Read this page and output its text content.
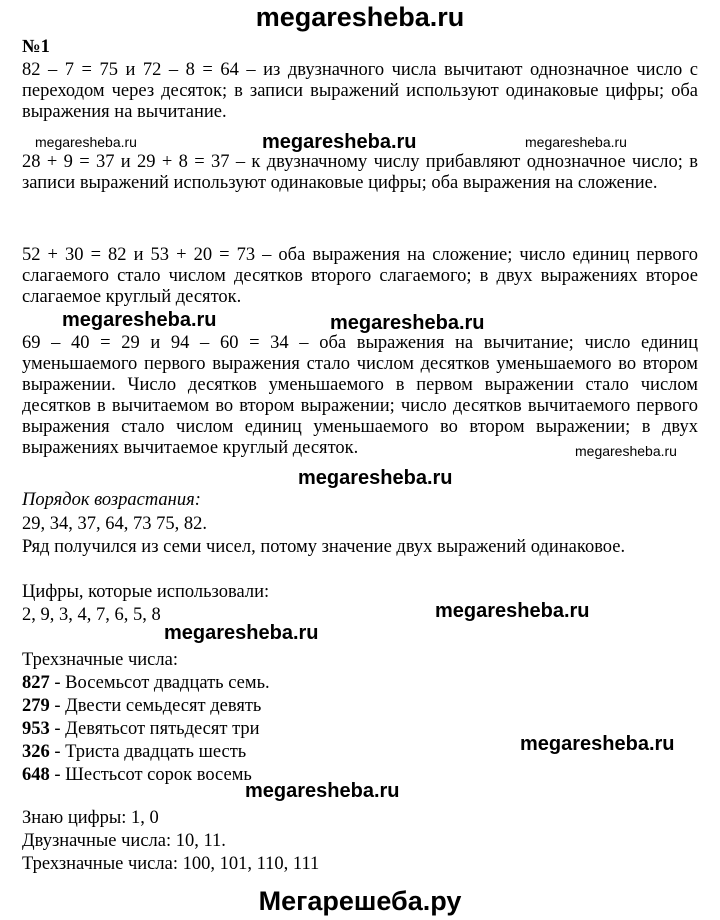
megaresheba.ru
№1
82 – 7 = 75 и 72 – 8 = 64 – из двузначного числа вычитают однозначное число с переходом через десяток; в записи выражений используют одинаковые цифры; оба выражения на вычитание.
megaresheba.ru	megaresheba.ru	megaresheba.ru
28 + 9 = 37 и 29 + 8 = 37 – к двузначному числу прибавляют однозначное число; в записи выражений используют одинаковые цифры; оба выражения на сложение.
52 + 30 = 82 и 53 + 20 = 73 – оба выражения на сложение; число единиц первого слагаемого стало числом десятков второго слагаемого; в двух выражениях второе слагаемое круглый десяток.
megaresheba.ru	megaresheba.ru
69 – 40 = 29 и 94 – 60 = 34 – оба выражения на вычитание; число единиц уменьшаемого первого выражения стало числом десятков уменьшаемого во втором выражении. Число десятков уменьшаемого в первом выражении стало числом десятков в вычитаемом во втором выражении; число десятков вычитаемого первого выражения стало числом единиц уменьшаемого во втором выражении; в двух выражениях вычитаемое круглый десяток.	megaresheba.ru
megaresheba.ru
Порядок возрастания:
29, 34, 37, 64, 73 75, 82.
Ряд получился из семи чисел, потому значение двух выражений одинаковое.
Цифры, которые использовали:
2, 9, 3, 4, 7, 6, 5, 8	megaresheba.ru
megaresheba.ru
Трехзначные числа:
827 - Восемьсот двадцать семь.
279 - Двести семьдесят девять
953 - Девятьсот пятьдесят три
326 - Триста двадцать шесть
648 - Шестьсот сорок восемь
megaresheba.ru
megaresheba.ru
Знаю цифры: 1, 0
Двузначные числа: 10, 11.
Трехзначные числа: 100, 101, 110, 111
Мегарешеба.ру
